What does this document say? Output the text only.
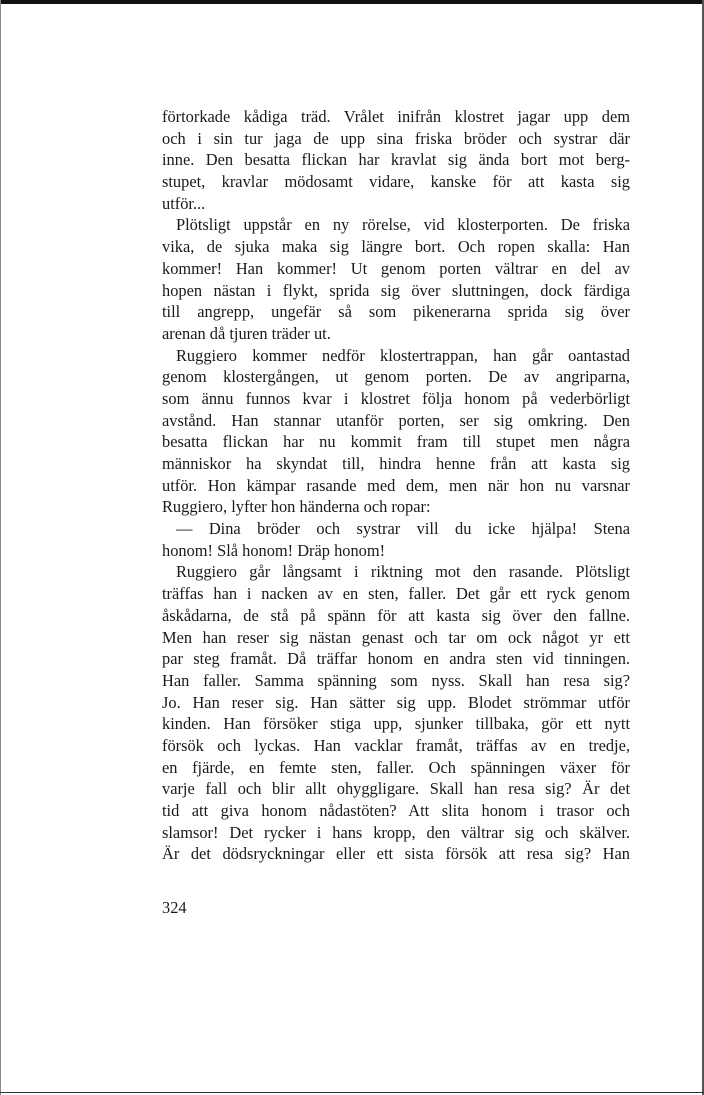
förtorkade kådiga träd. Vrålet inifrån klostret jagar upp dem
och i sin tur jaga de upp sina friska bröder och systrar där
inne. Den besatta flickan har kravlat sig ända bort mot berg-
stupet, kravlar mödosamt vidare, kanske för att kasta sig
utför...
Plötsligt uppstår en ny rörelse, vid klosterporten. De friska
vika, de sjuka maka sig längre bort. Och ropen skalla: Han
kommer! Han kommer! Ut genom porten vältrar en del av
hopen nästan i flykt, sprida sig över sluttningen, dock färdiga
till angrepp, ungefär så som pikenerarna sprida sig över
arenan då tjuren träder ut.
Ruggiero kommer nedför klostertrappan, han går oantastad
genom klostergången, ut genom porten. De av angriparna,
som ännu funnos kvar i klostret följa honom på vederbörligt
avstånd. Han stannar utanför porten, ser sig omkring. Den
besatta flickan har nu kommit fram till stupet men några
människor ha skyndat till, hindra henne från att kasta sig
utför. Hon kämpar rasande med dem, men när hon nu varsnar
Ruggiero, lyfter hon händerna och ropar:
— Dina bröder och systrar vill du icke hjälpa! Stena
honom! Slå honom! Dräp honom!
Ruggiero går långsamt i riktning mot den rasande. Plötsligt
träffas han i nacken av en sten, faller. Det går ett ryck genom
åskådarna, de stå på spänn för att kasta sig över den fallne.
Men han reser sig nästan genast och tar om ock något yr ett
par steg framåt. Då träffar honom en andra sten vid tinningen.
Han faller. Samma spänning som nyss. Skall han resa sig?
Jo. Han reser sig. Han sätter sig upp. Blodet strömmar utför
kinden. Han försöker stiga upp, sjunker tillbaka, gör ett nytt
försök och lyckas. Han vacklar framåt, träffas av en tredje,
en fjärde, en femte sten, faller. Och spänningen växer för
varje fall och blir allt ohyggligare. Skall han resa sig? Är det
tid att giva honom nådastöten? Att slita honom i trasor och
slamsor! Det rycker i hans kropp, den vältrar sig och skälver.
Är det dödsryckningar eller ett sista försök att resa sig? Han
324
